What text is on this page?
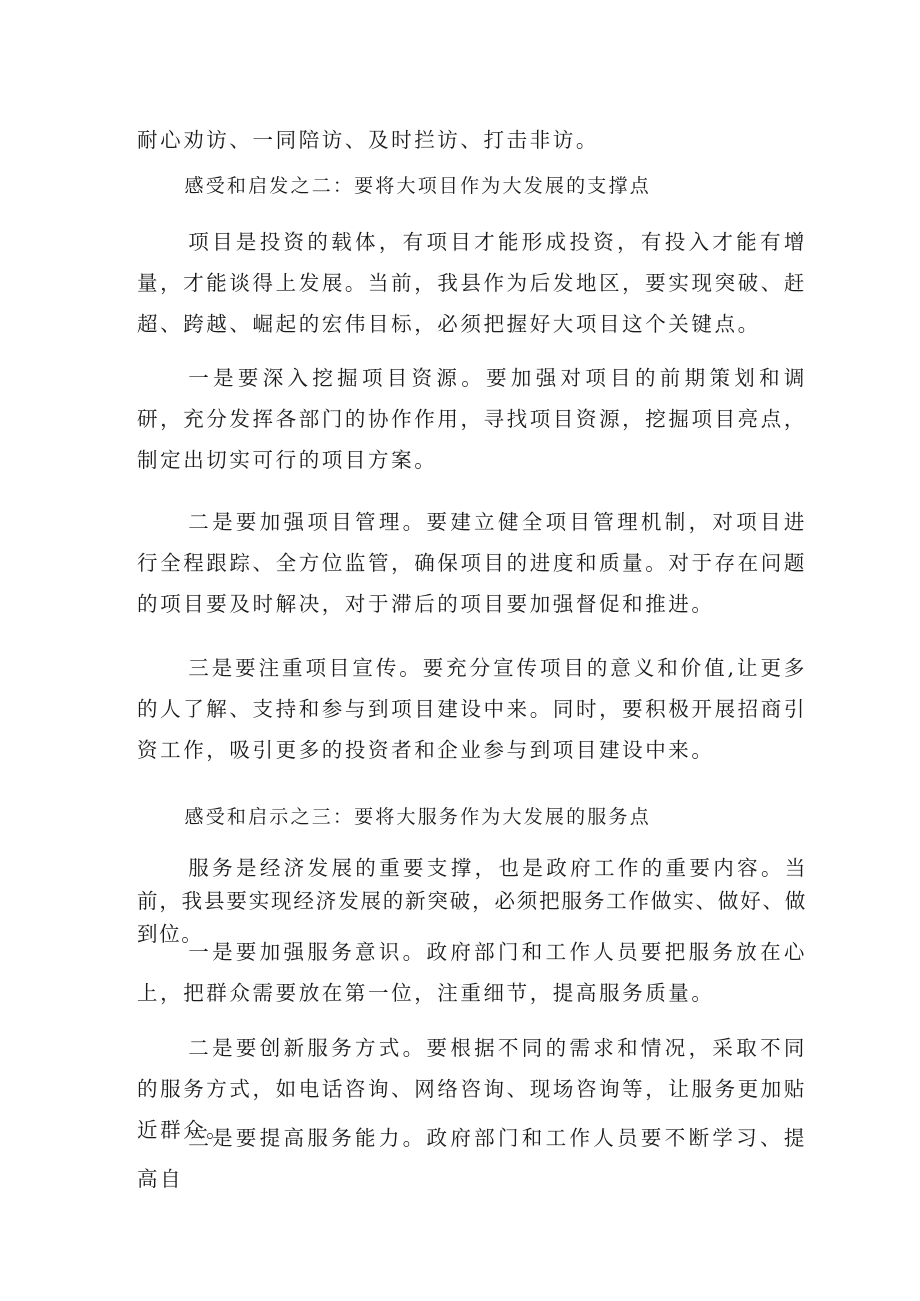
耐心劝访、一同陪访、及时拦访、打击非访。

感受和启发之二：要将大项目作为大发展的支撑点

项目是投资的载体，有项目才能形成投资，有投入才能有增量，才能谈得上发展。当前，我县作为后发地区，要实现突破、赶超、跨越、崛起的宏伟目标，必须把握好大项目这个关键点。

一是要深入挖掘项目资源。要加强对项目的前期策划和调研，充分发挥各部门的协作作用，寻找项目资源，挖掘项目亮点，制定出切实可行的项目方案。

二是要加强项目管理。要建立健全项目管理机制，对项目进行全程跟踪、全方位监管，确保项目的进度和质量。对于存在问题的项目要及时解决，对于滞后的项目要加强督促和推进。

三是要注重项目宣传。要充分宣传项目的意义和价值,让更多的人了解、支持和参与到项目建设中来。同时，要积极开展招商引资工作，吸引更多的投资者和企业参与到项目建设中来。

感受和启示之三：要将大服务作为大发展的服务点

服务是经济发展的重要支撑，也是政府工作的重要内容。当前，我县要实现经济发展的新突破，必须把服务工作做实、做好、做到位。

一是要加强服务意识。政府部门和工作人员要把服务放在心上，把群众需要放在第一位，注重细节，提高服务质量。

二是要创新服务方式。要根据不同的需求和情况，采取不同的服务方式，如电话咨询、网络咨询、现场咨询等，让服务更加贴近群众。

三是要提高服务能力。政府部门和工作人员要不断学习、提高自
